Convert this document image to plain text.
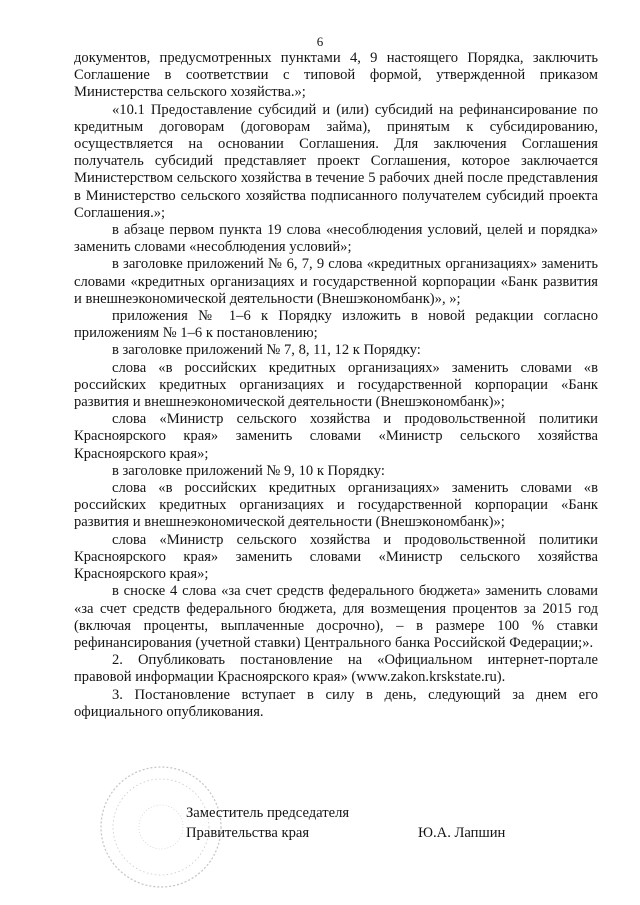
6

документов, предусмотренных пунктами 4, 9 настоящего Порядка, заключить Соглашение в соответствии с типовой формой, утвержденной приказом Министерства сельского хозяйства.»;

«10.1 Предоставление субсидий и (или) субсидий на рефинансирование по кредитным договорам (договорам займа), принятым к субсидированию, осуществляется на основании Соглашения. Для заключения Соглашения получатель субсидий представляет проект Соглашения, которое заключается Министерством сельского хозяйства в течение 5 рабочих дней после представления в Министерство сельского хозяйства подписанного получателем субсидий проекта Соглашения.»;

в абзаце первом пункта 19 слова «несоблюдения условий, целей и порядка» заменить словами «несоблюдения условий»;

в заголовке приложений № 6, 7, 9 слова «кредитных организациях» заменить словами «кредитных организациях и государственной корпорации «Банк развития и внешнеэкономической деятельности (Внешэкономбанк)», »;

приложения № 1–6 к Порядку изложить в новой редакции согласно приложениям № 1–6 к постановлению;

в заголовке приложений № 7, 8, 11, 12 к Порядку:

слова «в российских кредитных организациях» заменить словами «в российских кредитных организациях и государственной корпорации «Банк развития и внешнеэкономической деятельности (Внешэкономбанк)»;

слова «Министр сельского хозяйства и продовольственной политики Красноярского края» заменить словами «Министр сельского хозяйства Красноярского края»;

в заголовке приложений № 9, 10 к Порядку:

слова «в российских кредитных организациях» заменить словами «в российских кредитных организациях и государственной корпорации «Банк развития и внешнеэкономической деятельности (Внешэкономбанк)»;

слова «Министр сельского хозяйства и продовольственной политики Красноярского края» заменить словами «Министр сельского хозяйства Красноярского края»;

в сноске 4 слова «за счет средств федерального бюджета» заменить словами «за счет средств федерального бюджета, для возмещения процентов за 2015 год (включая проценты, выплаченные досрочно), – в размере 100 % ставки рефинансирования (учетной ставки) Центрального банка Российской Федерации;».

2. Опубликовать постановление на «Официальном интернет-портале правовой информации Красноярского края» (www.zakon.krskstate.ru).

3. Постановление вступает в силу в день, следующий за днем его официального опубликования.

Заместитель председателя
Правительства края	Ю.А. Лапшин
